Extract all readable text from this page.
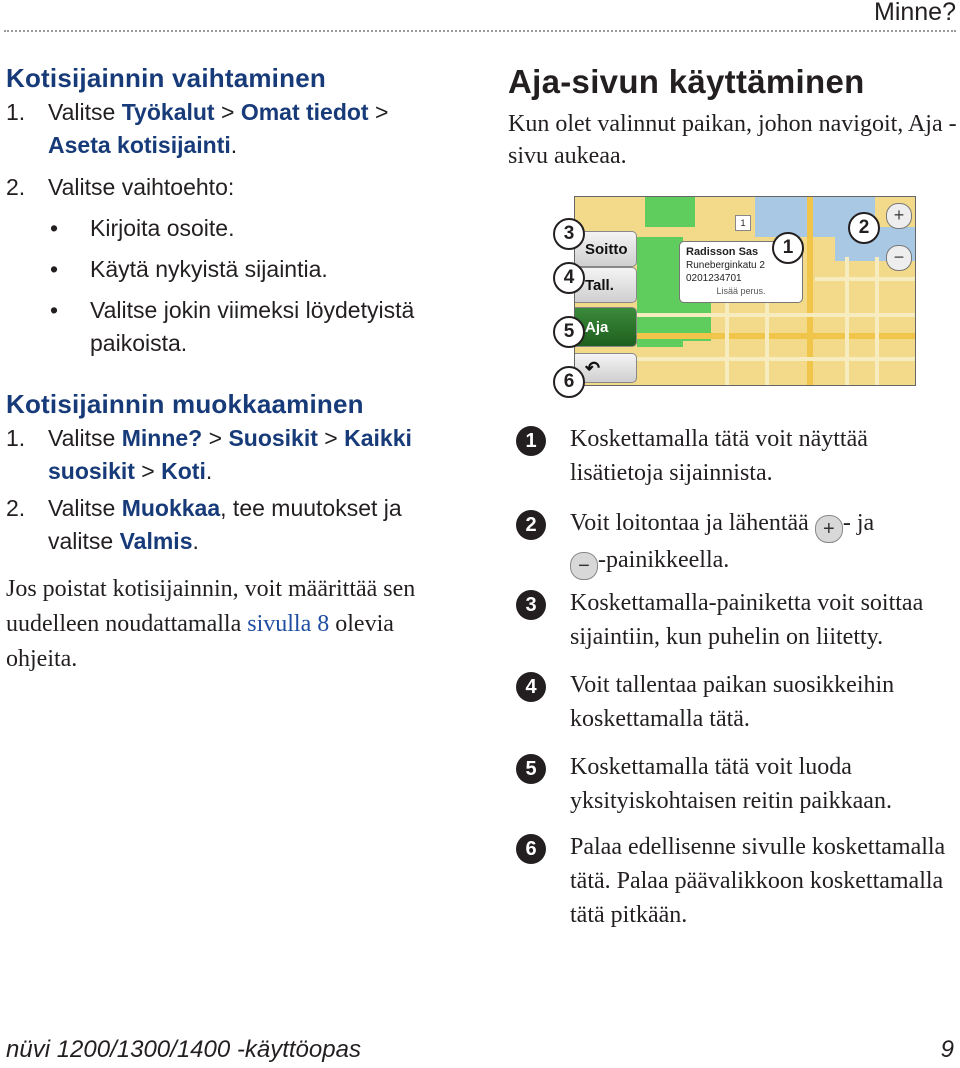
Minne?
Kotisijainnin vaihtaminen
1. Valitse Työkalut > Omat tiedot >
Aseta kotisijainti.
2. Valitse vaihtoehto:
• Kirjoita osoite.
• Käytä nykyistä sijaintia.
• Valitse jokin viimeksi löydetyistä paikoista.
Kotisijainnin muokkaaminen
1. Valitse Minne? > Suosikit > Kaikki suosikit > Koti.
2. Valitse Muokkaa, tee muutokset ja valitse Valmis.
Jos poistat kotisijainnin, voit määrittää sen uudelleen noudattamalla sivulla 8 olevia ohjeita.
Aja-sivun käyttäminen
Kun olet valinnut paikan, johon navigoit, Aja -sivu aukeaa.
1
Soitto
Tall.
Aja
↶
Radisson Sas
Runeberginkatu 2
0201234701
Lisää perus.
+
−
3
4
5
6
1
2
1	Koskettamalla tätä voit näyttää lisätietoja sijainnista.
2	Voit loitontaa ja lähentää + - ja
− -painikkeella.
3	Koskettamalla-painiketta voit soittaa sijaintiin, kun puhelin on liitetty.
4	Voit tallentaa paikan suosikkeihin koskettamalla tätä.
5	Koskettamalla tätä voit luoda yksityiskohtaisen reitin paikkaan.
6	Palaa edellisenne sivulle koskettamalla tätä. Palaa päävalikkoon koskettamalla tätä pitkään.
nüvi 1200/1300/1400 -käyttöopas	9
